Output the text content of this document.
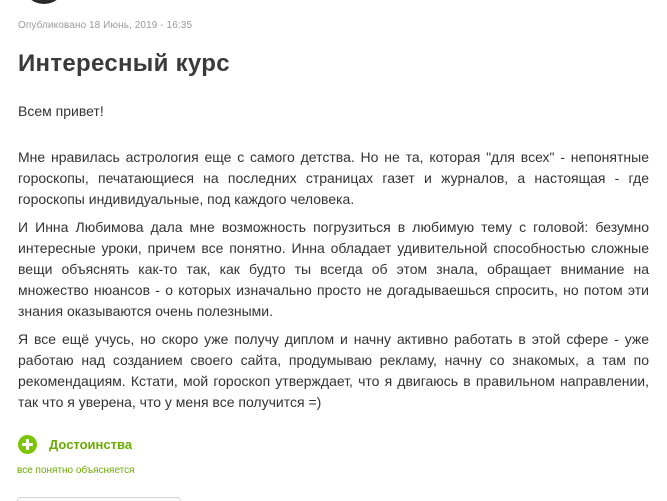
Опубликовано 18 Июнь, 2019 - 16:35
Интересный курс

Всем привет!

Мне нравилась астрология еще с самого детства. Но не та, которая "для всех" - непонятные гороскопы, печатающиеся на последних страницах газет и журналов, а настоящая - где гороскопы индивидуальные, под каждого человека.

И Инна Любимова дала мне возможность погрузиться в любимую тему с головой: безумно интересные уроки, причем все понятно. Инна обладает удивительной способностью сложные вещи объяснять как-то так, как будто ты всегда об этом знала, обращает внимание на множество нюансов - о которых изначально просто не догадываешься спросить, но потом эти знания оказываются очень полезными.

Я все ещё учусь, но скоро уже получу диплом и начну активно работать в этой сфере - уже работаю над созданием своего сайта, продумываю рекламу, начну со знакомых, а там по рекомендациям. Кстати, мой гороскоп утверждает, что я двигаюсь в правильном направлении, так что я уверена, что у меня все получится =)

Достоинства
все понятно объясняется
